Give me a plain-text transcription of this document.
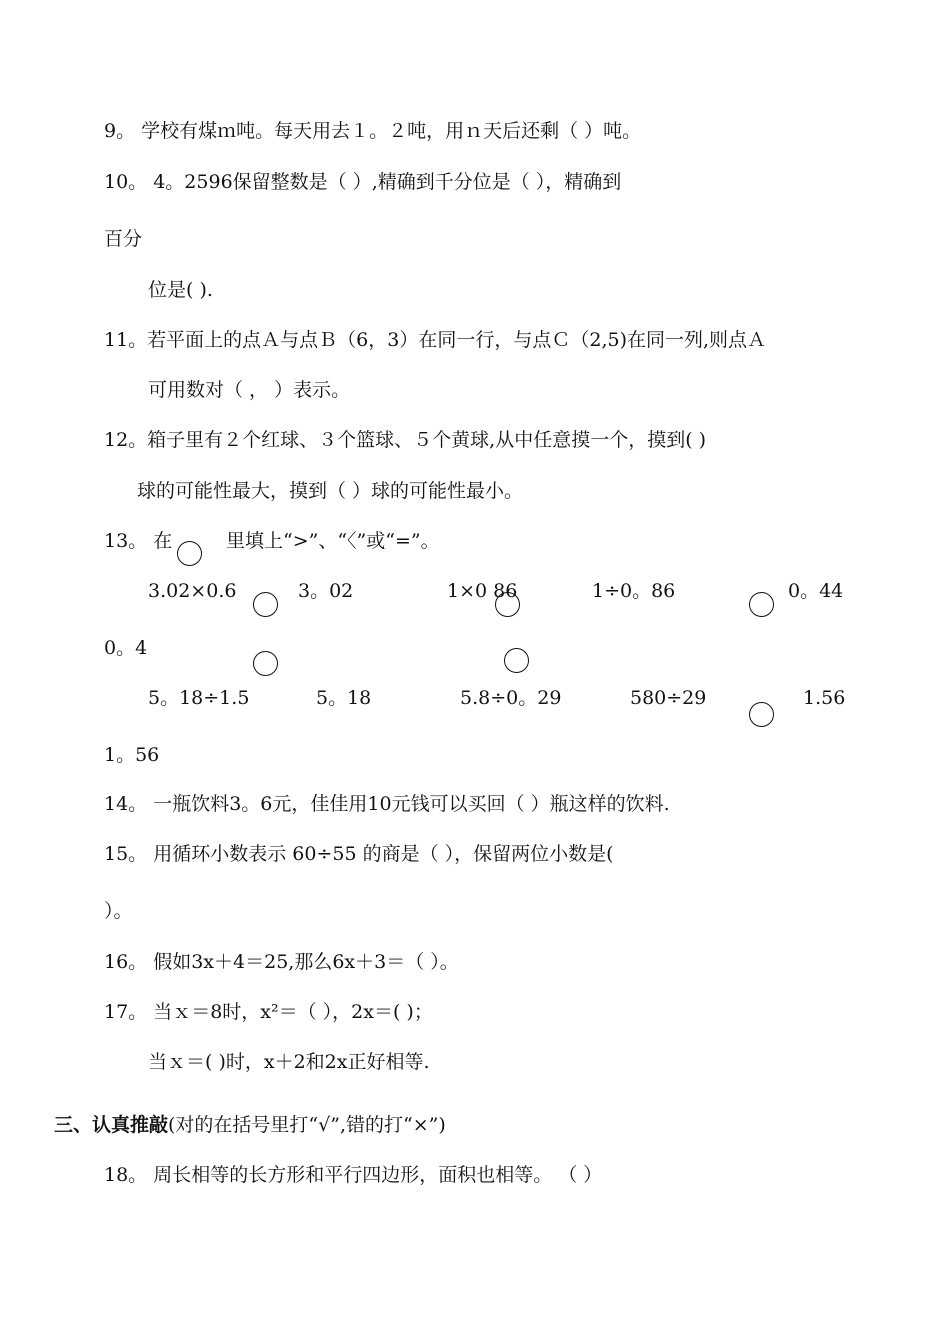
9。 学校有煤ｍ吨。每天用去１。２吨，用ｎ天后还剩（ ）吨。
10。 4。2596保留整数是（ ）,精确到千分位是（ ），精确到
百分
位是( ).
11。若平面上的点Ａ与点Ｂ（6，3）在同一行，与点Ｃ（2,5)在同一列,则点Ａ
可用数对（ ， ）表示。
12。箱子里有２个红球、３个篮球、５个黄球,从中任意摸一个，摸到( )
球的可能性最大，摸到（ ）球的可能性最小。
13。 在	里填上“>”、“〈”或“=”。
3.02×0.6	3。02	1×0 86	1÷0。86	0。44
0。4
5。18÷1.5	5。18	5.8÷0。29	580÷29	1.56
1。56
14。 一瓶饮料3。6元，佳佳用10元钱可以买回（ ）瓶这样的饮料.
15。 用循环小数表示 60÷55 的商是（ ），保留两位小数是(
）。
16。 假如3x＋4＝25,那么6x＋3＝（ ）。
17。 当ｘ＝8时，x²＝（ ），2x＝( )；
当ｘ＝( )时，x＋2和2x正好相等.
三、认真推敲(对的在括号里打“√”,错的打“×”)
18。 周长相等的长方形和平行四边形，面积也相等。 （ ）
